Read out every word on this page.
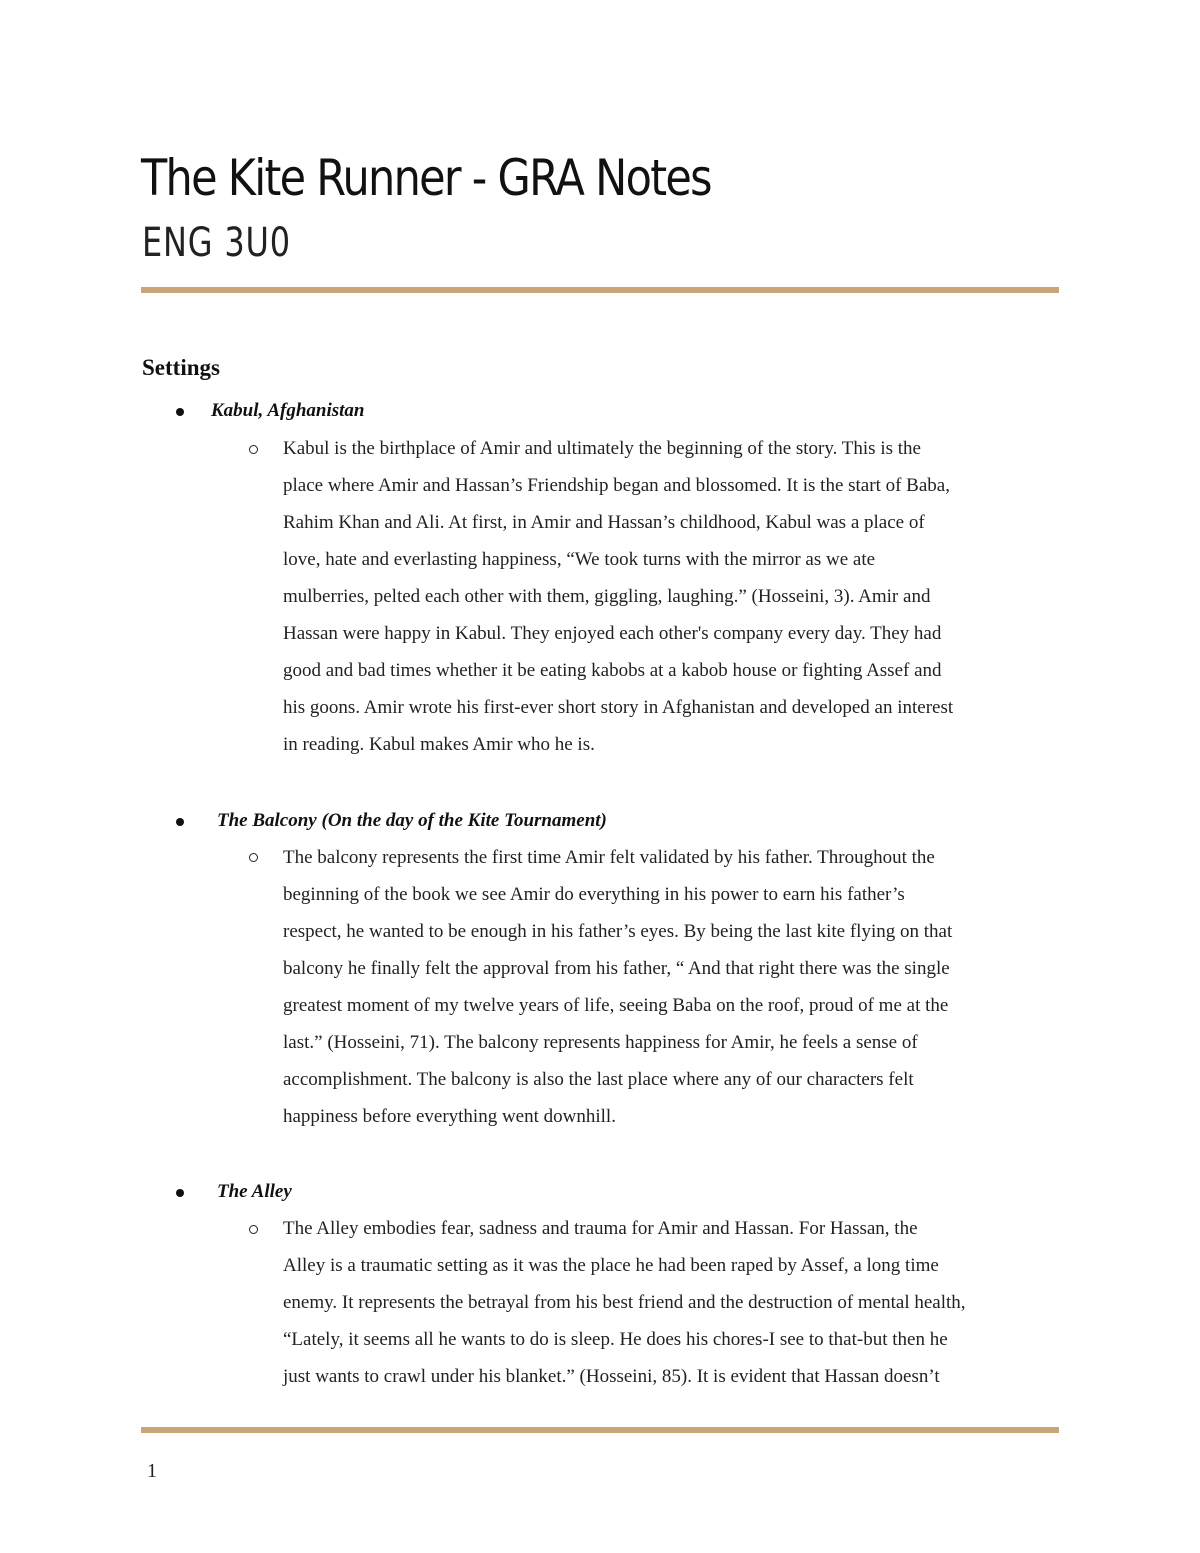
The Kite Runner - GRA Notes
ENG 3U0
Settings
Kabul, Afghanistan
Kabul is the birthplace of Amir and ultimately the beginning of the story. This is the
place where Amir and Hassan’s Friendship began and blossomed. It is the start of Baba,
Rahim Khan and Ali. At first, in Amir and Hassan’s childhood, Kabul was a place of
love, hate and everlasting happiness, “We took turns with the mirror as we ate
mulberries, pelted each other with them, giggling, laughing.” (Hosseini, 3). Amir and
Hassan were happy in Kabul. They enjoyed each other's company every day. They had
good and bad times whether it be eating kabobs at a kabob house or fighting Assef and
his goons. Amir wrote his first-ever short story in Afghanistan and developed an interest
in reading. Kabul makes Amir who he is.
The Balcony (On the day of the Kite Tournament)
The balcony represents the first time Amir felt validated by his father. Throughout the
beginning of the book we see Amir do everything in his power to earn his father’s
respect, he wanted to be enough in his father’s eyes. By being the last kite flying on that
balcony he finally felt the approval from his father, “ And that right there was the single
greatest moment of my twelve years of life, seeing Baba on the roof, proud of me at the
last.” (Hosseini, 71). The balcony represents happiness for Amir, he feels a sense of
accomplishment. The balcony is also the last place where any of our characters felt
happiness before everything went downhill.
The Alley
The Alley embodies fear, sadness and trauma for Amir and Hassan. For Hassan, the
Alley is a traumatic setting as it was the place he had been raped by Assef, a long time
enemy. It represents the betrayal from his best friend and the destruction of mental health,
“Lately, it seems all he wants to do is sleep. He does his chores-I see to that-but then he
just wants to crawl under his blanket.” (Hosseini, 85). It is evident that Hassan doesn’t
1
